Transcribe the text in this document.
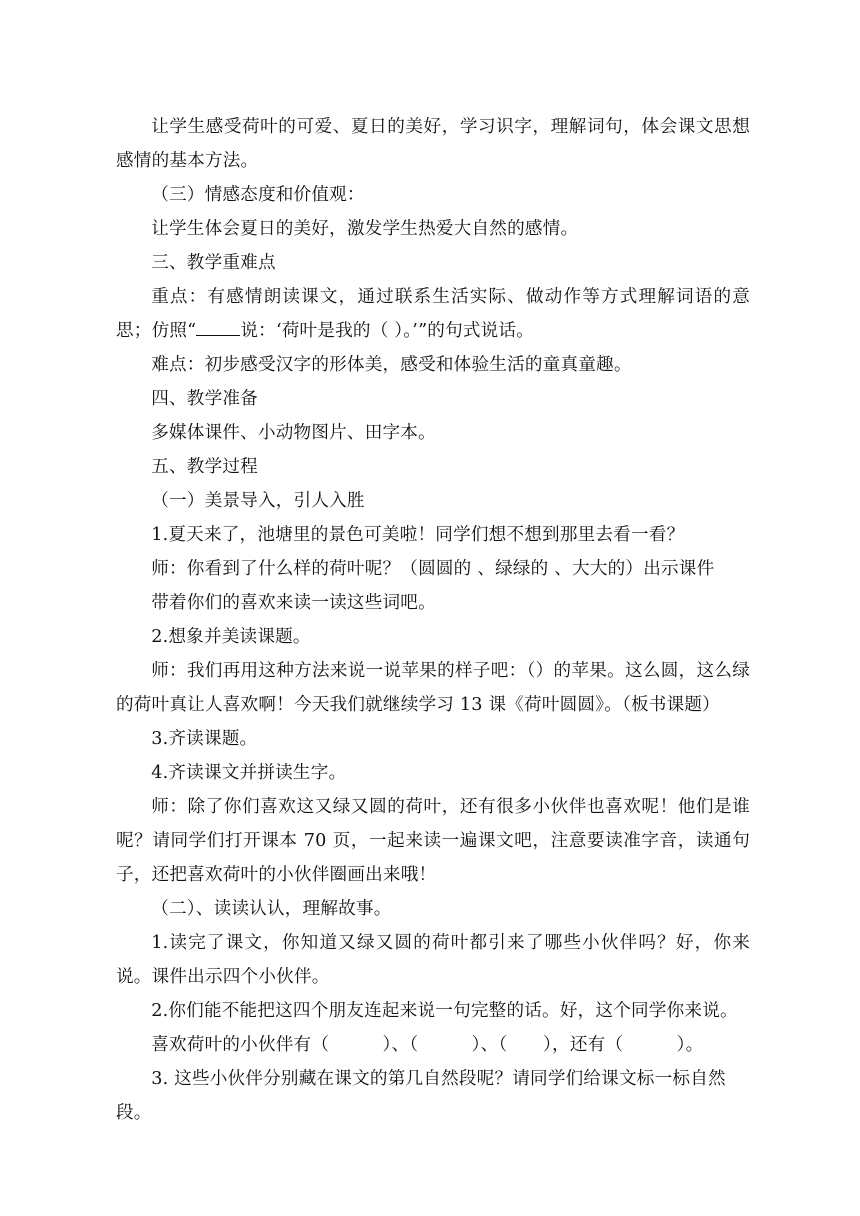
让学生感受荷叶的可爱、夏日的美好，学习识字，理解词句，体会课文思想感情的基本方法。

（三）情感态度和价值观：

让学生体会夏日的美好，激发学生热爱大自然的感情。

三、教学重难点

重点：有感情朗读课文，通过联系生活实际、做动作等方式理解词语的意思；仿照“	说：‘荷叶是我的（ ）。’”的句式说话。

难点：初步感受汉字的形体美，感受和体验生活的童真童趣。

四、教学准备

多媒体课件、小动物图片、田字本。

五、教学过程

（一）美景导入，引人入胜

1.夏天来了，池塘里的景色可美啦！同学们想不想到那里去看一看？

师：你看到了什么样的荷叶呢？（圆圆的 、绿绿的 、大大的）出示课件

带着你们的喜欢来读一读这些词吧。

2.想象并美读课题。

师：我们再用这种方法来说一说苹果的样子吧：（）的苹果。这么圆，这么绿的荷叶真让人喜欢啊！今天我们就继续学习 13 课《荷叶圆圆》。（板书课题）

3.齐读课题。

4.齐读课文并拼读生字。

师：除了你们喜欢这又绿又圆的荷叶，还有很多小伙伴也喜欢呢！他们是谁呢？请同学们打开课本 70 页，一起来读一遍课文吧，注意要读准字音，读通句子，还把喜欢荷叶的小伙伴圈画出来哦！

（二）、读读认认，理解故事。

1.读完了课文，你知道又绿又圆的荷叶都引来了哪些小伙伴吗？好，你来说。课件出示四个小伙伴。

2.你们能不能把这四个朋友连起来说一句完整的话。好，这个同学你来说。

喜欢荷叶的小伙伴有（　　　）、（　　　）、（　　），还有（　　　）。

3. 这些小伙伴分别藏在课文的第几自然段呢？请同学们给课文标一标自然段。
